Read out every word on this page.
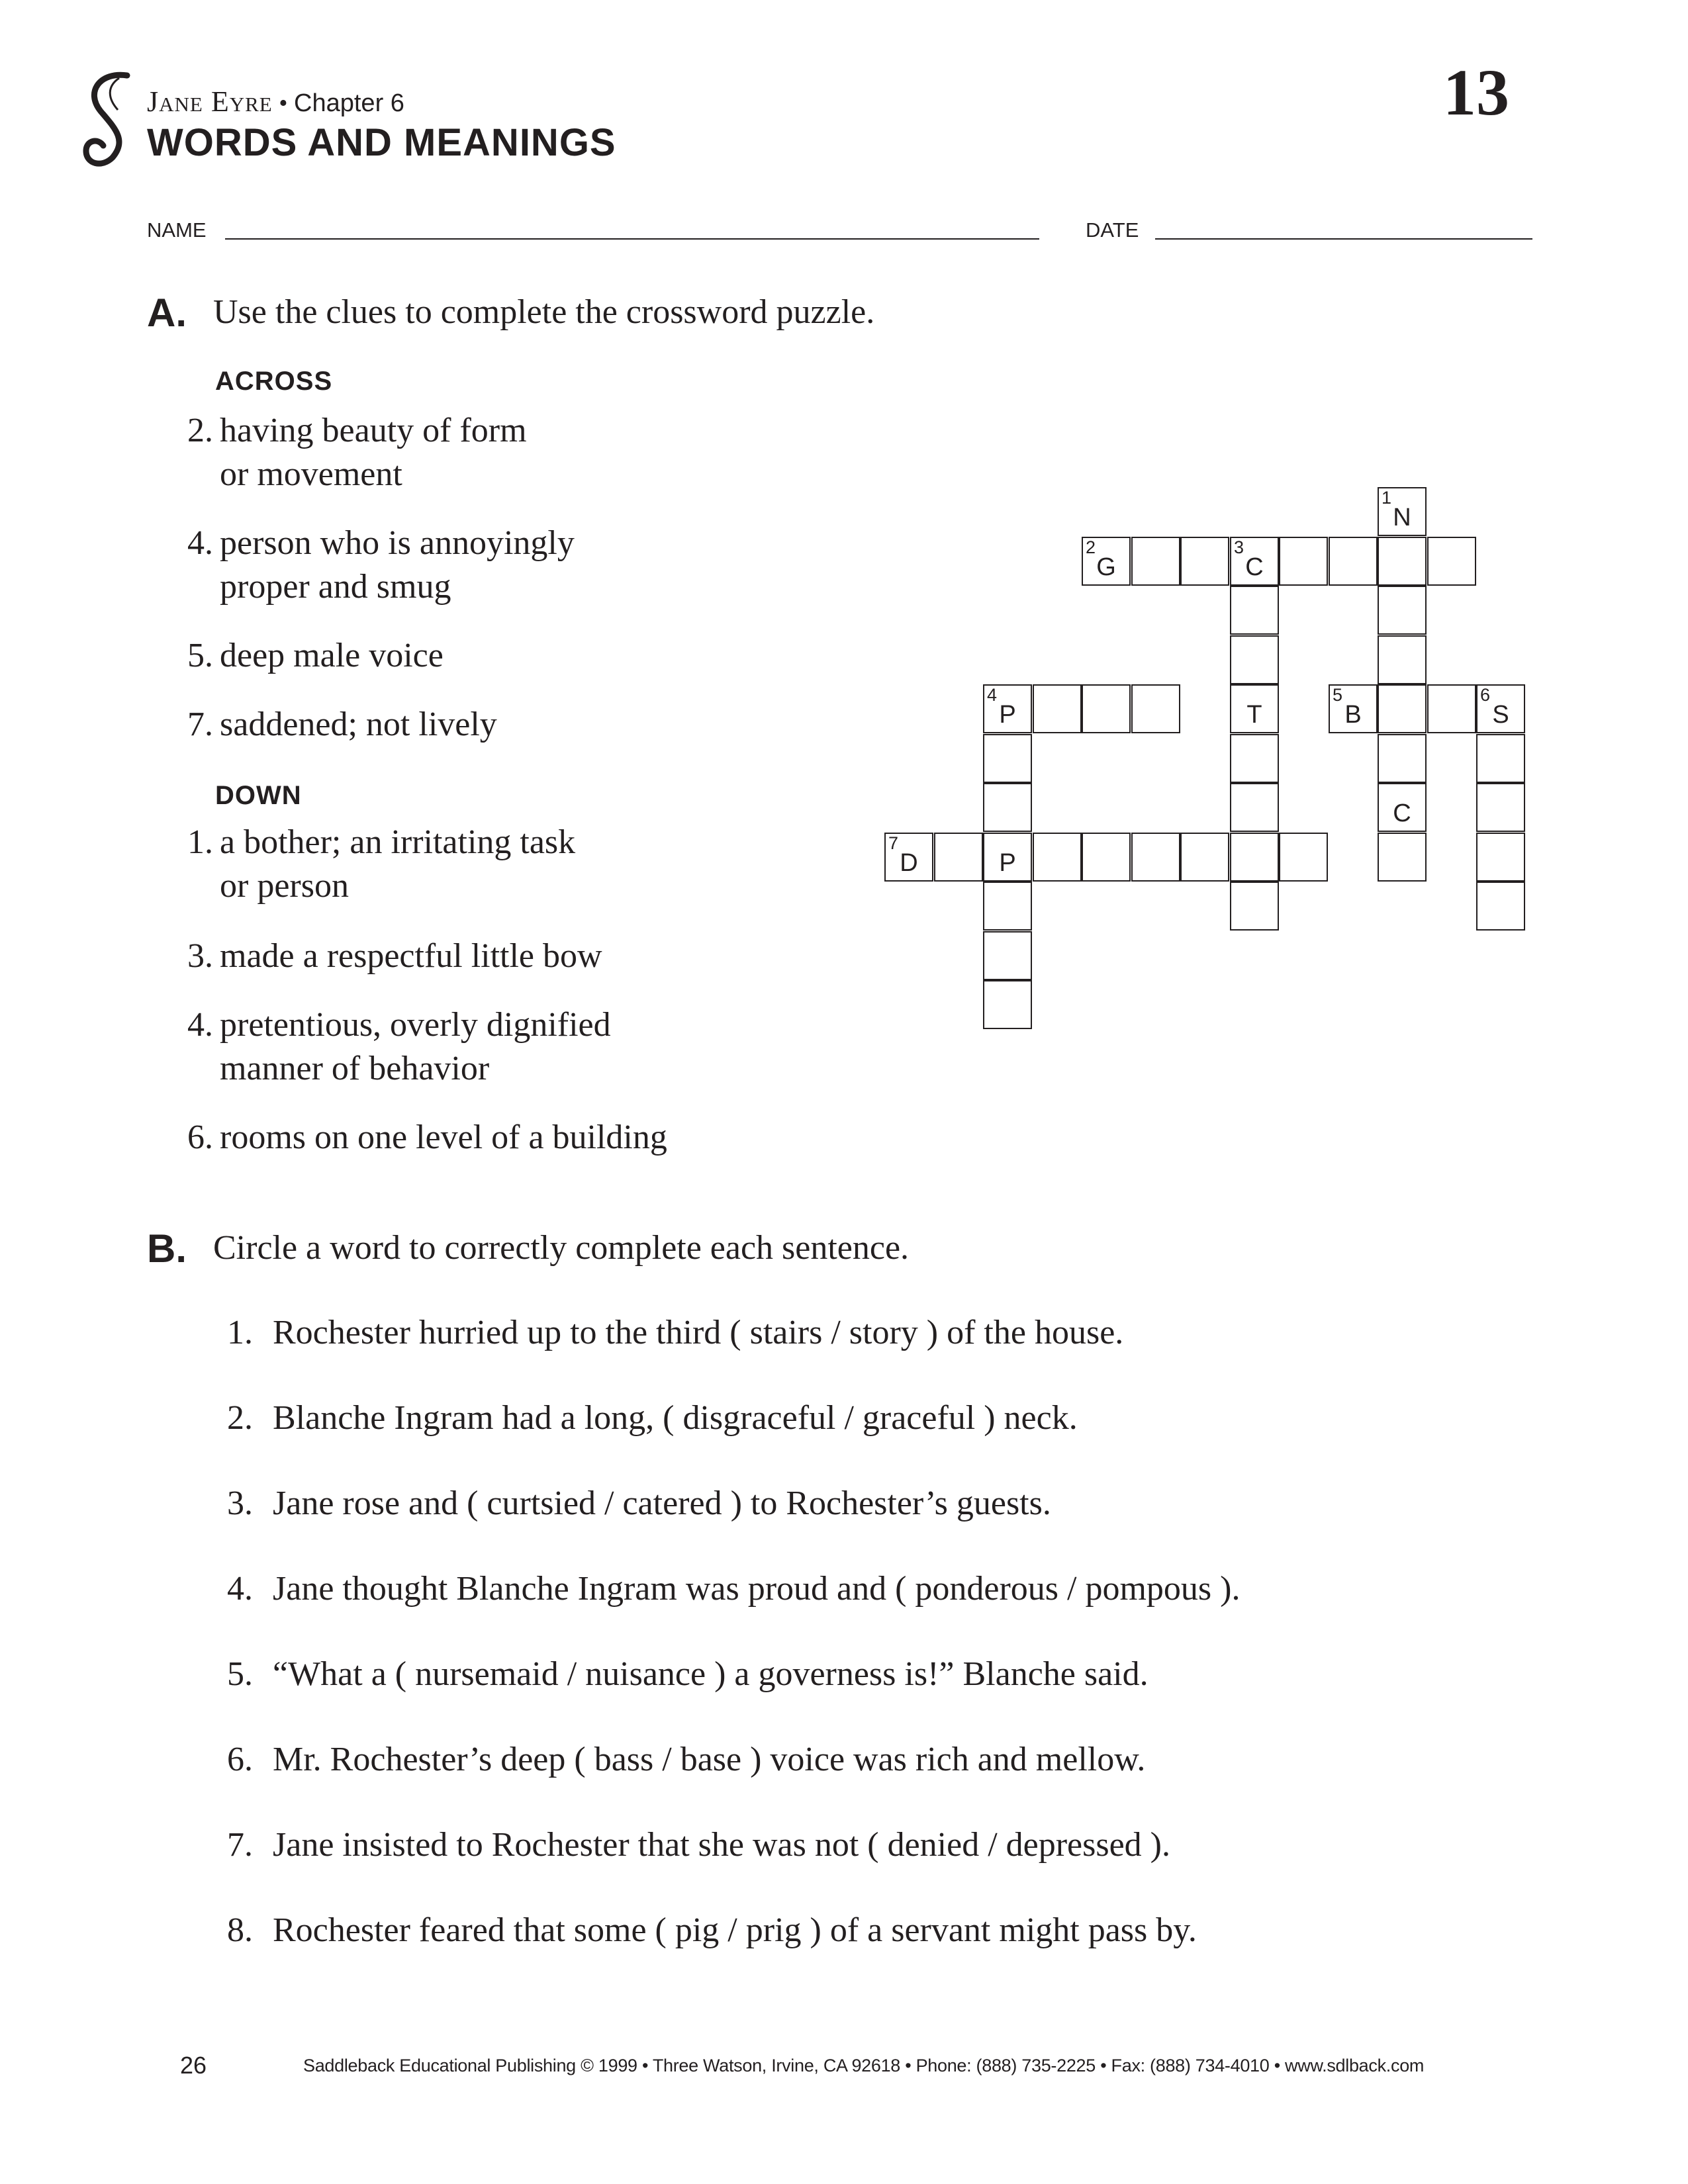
Jane Eyre • Chapter 6
WORDS AND MEANINGS
13
NAME	DATE
A. Use the clues to complete the crossword puzzle.
ACROSS
2. having beauty of form
or movement
4. person who is annoyingly
proper and smug
5. deep male voice
7. saddened; not lively
DOWN
1. a bother; an irritating task
or person
3. made a respectful little bow
4. pretentious, overly dignified
manner of behavior
6. rooms on one level of a building
1
N
2
G
3
C
4
P	T
5
B
6
S
C
7
D	P
B. Circle a word to correctly complete each sentence.
1. Rochester hurried up to the third ( stairs / story ) of the house.
2. Blanche Ingram had a long, ( disgraceful / graceful ) neck.
3. Jane rose and ( curtsied / catered ) to Rochester’s guests.
4. Jane thought Blanche Ingram was proud and ( ponderous / pompous ).
5. “What a ( nursemaid / nuisance ) a governess is!” Blanche said.
6. Mr. Rochester’s deep ( bass / base ) voice was rich and mellow.
7. Jane insisted to Rochester that she was not ( denied / depressed ).
8. Rochester feared that some ( pig / prig ) of a servant might pass by.
26	Saddleback Educational Publishing © 1999 • Three Watson, Irvine, CA 92618 • Phone: (888) 735-2225 • Fax: (888) 734-4010 • www.sdlback.com
